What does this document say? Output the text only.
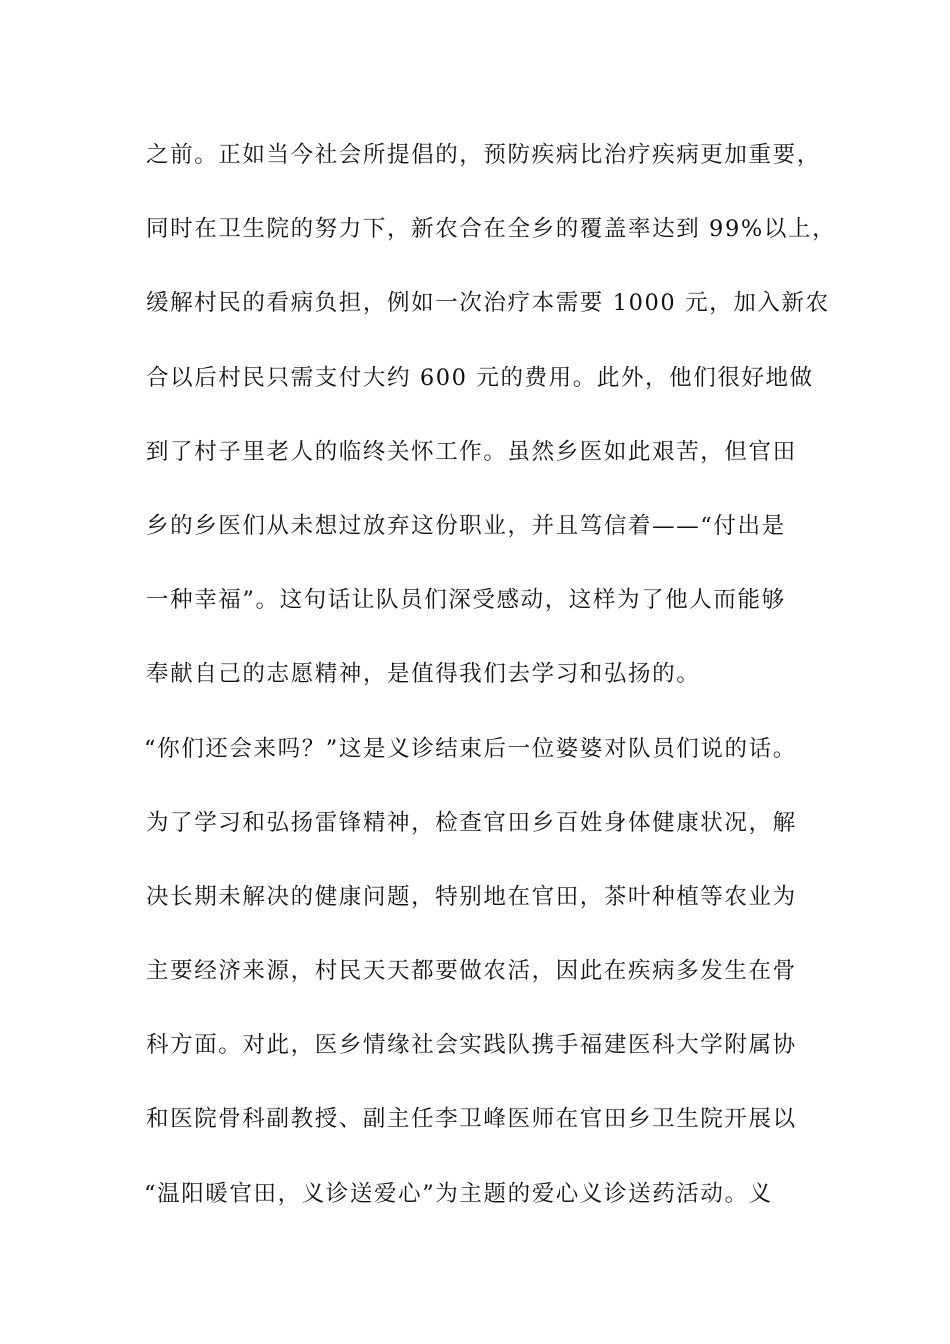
之前。正如当今社会所提倡的，预防疾病比治疗疾病更加重要，
同时在卫生院的努力下，新农合在全乡的覆盖率达到 99%以上，
缓解村民的看病负担，例如一次治疗本需要 1000 元，加入新农
合以后村民只需支付大约 600 元的费用。此外，他们很好地做
到了村子里老人的临终关怀工作。虽然乡医如此艰苦，但官田
乡的乡医们从未想过放弃这份职业，并且笃信着——“付出是
一种幸福”。这句话让队员们深受感动，这样为了他人而能够
奉献自己的志愿精神，是值得我们去学习和弘扬的。
“你们还会来吗？”这是义诊结束后一位婆婆对队员们说的话。
为了学习和弘扬雷锋精神，检查官田乡百姓身体健康状况，解
决长期未解决的健康问题，特别地在官田，茶叶种植等农业为
主要经济来源，村民天天都要做农活，因此在疾病多发生在骨
科方面。对此，医乡情缘社会实践队携手福建医科大学附属协
和医院骨科副教授、副主任李卫峰医师在官田乡卫生院开展以
“温阳暖官田，义诊送爱心”为主题的爱心义诊送药活动。义
